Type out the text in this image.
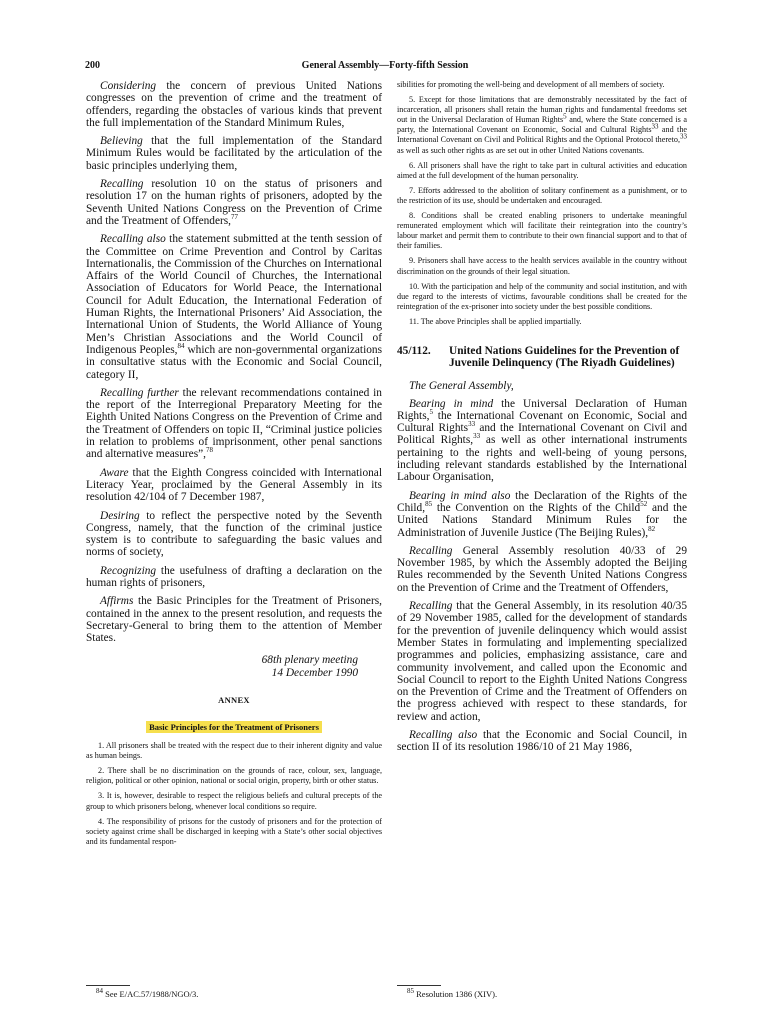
200	General Assembly—Forty-fifth Session

Considering the concern of previous United Nations congresses on the prevention of crime and the treatment of offenders, regarding the obstacles of various kinds that prevent the full implementation of the Standard Minimum Rules,

Believing that the full implementation of the Standard Minimum Rules would be facilitated by the articulation of the basic principles underlying them,

Recalling resolution 10 on the status of prisoners and resolution 17 on the human rights of prisoners, adopted by the Seventh United Nations Congress on the Prevention of Crime and the Treatment of Offenders,$^{77}$

Recalling also the statement submitted at the tenth session of the Committee on Crime Prevention and Control by Caritas Internationalis, the Commission of the Churches on International Affairs of the World Council of Churches, the International Association of Educators for World Peace, the International Council for Adult Education, the International Federation of Human Rights, the International Prisoners’ Aid Association, the International Union of Students, the World Alliance of Young Men’s Christian Associations and the World Council of Indigenous Peoples,$^{84}$ which are non-governmental organizations in consultative status with the Economic and Social Council, category II,

Recalling further the relevant recommendations contained in the report of the Interregional Preparatory Meeting for the Eighth United Nations Congress on the Prevention of Crime and the Treatment of Offenders on topic II, “Criminal justice policies in relation to problems of imprisonment, other penal sanctions and alternative measures”,$^{78}$

Aware that the Eighth Congress coincided with International Literacy Year, proclaimed by the General Assembly in its resolution 42/104 of 7 December 1987,

Desiring to reflect the perspective noted by the Seventh Congress, namely, that the function of the criminal justice system is to contribute to safeguarding the basic values and norms of society,

Recognizing the usefulness of drafting a declaration on the human rights of prisoners,

Affirms the Basic Principles for the Treatment of Prisoners, contained in the annex to the present resolution, and requests the Secretary-General to bring them to the attention of Member States.

68th plenary meeting
14 December 1990
ANNEX
Basic Principles for the Treatment of Prisoners

1. All prisoners shall be treated with the respect due to their inherent dignity and value as human beings.

2. There shall be no discrimination on the grounds of race, colour, sex, language, religion, political or other opinion, national or social origin, property, birth or other status.

3. It is, however, desirable to respect the religious beliefs and cultural precepts of the group to which prisoners belong, whenever local conditions so require.

4. The responsibility of prisons for the custody of prisoners and for the protection of society against crime shall be discharged in keeping with a State’s other social objectives and its fundamental respon-

sibilities for promoting the well-being and development of all members of society.

5. Except for those limitations that are demonstrably necessitated by the fact of incarceration, all prisoners shall retain the human rights and fundamental freedoms set out in the Universal Declaration of Human Rights$^5$ and, where the State concerned is a party, the International Covenant on Economic, Social and Cultural Rights$^{33}$ and the International Covenant on Civil and Political Rights and the Optional Protocol thereto,$^{33}$ as well as such other rights as are set out in other United Nations covenants.

6. All prisoners shall have the right to take part in cultural activities and education aimed at the full development of the human personality.

7. Efforts addressed to the abolition of solitary confinement as a punishment, or to the restriction of its use, should be undertaken and encouraged.

8. Conditions shall be created enabling prisoners to undertake meaningful remunerated employment which will facilitate their reintegration into the country’s labour market and permit them to contribute to their own financial support and to that of their families.

9. Prisoners shall have access to the health services available in the country without discrimination on the grounds of their legal situation.

10. With the participation and help of the community and social institution, and with due regard to the interests of victims, favourable conditions shall be created for the reintegration of the ex-prisoner into society under the best possible conditions.

11. The above Principles shall be applied impartially.

45/112.	United Nations Guidelines for the Prevention of Juvenile Delinquency (The Riyadh Guidelines)
The General Assembly,

Bearing in mind the Universal Declaration of Human Rights,$^5$ the International Covenant on Economic, Social and Cultural Rights$^{33}$ and the International Covenant on Civil and Political Rights,$^{33}$ as well as other international instruments pertaining to the rights and well-being of young persons, including relevant standards established by the International Labour Organisation,

Bearing in mind also the Declaration of the Rights of the Child,$^{85}$ the Convention on the Rights of the Child$^{52}$ and the United Nations Standard Minimum Rules for the Administration of Juvenile Justice (The Beijing Rules),$^{82}$

Recalling General Assembly resolution 40/33 of 29 November 1985, by which the Assembly adopted the Beijing Rules recommended by the Seventh United Nations Congress on the Prevention of Crime and the Treatment of Offenders,

Recalling that the General Assembly, in its resolution 40/35 of 29 November 1985, called for the development of standards for the prevention of juvenile delinquency which would assist Member States in formulating and implementing specialized programmes and policies, emphasizing assistance, care and community involvement, and called upon the Economic and Social Council to report to the Eighth United Nations Congress on the Prevention of Crime and the Treatment of Offenders on the progress achieved with respect to these standards, for review and action,

Recalling also that the Economic and Social Council, in section II of its resolution 1986/10 of 21 May 1986,

$^{84}$ See E/AC.57/1988/NGO/3.	$^{85}$ Resolution 1386 (XIV).
